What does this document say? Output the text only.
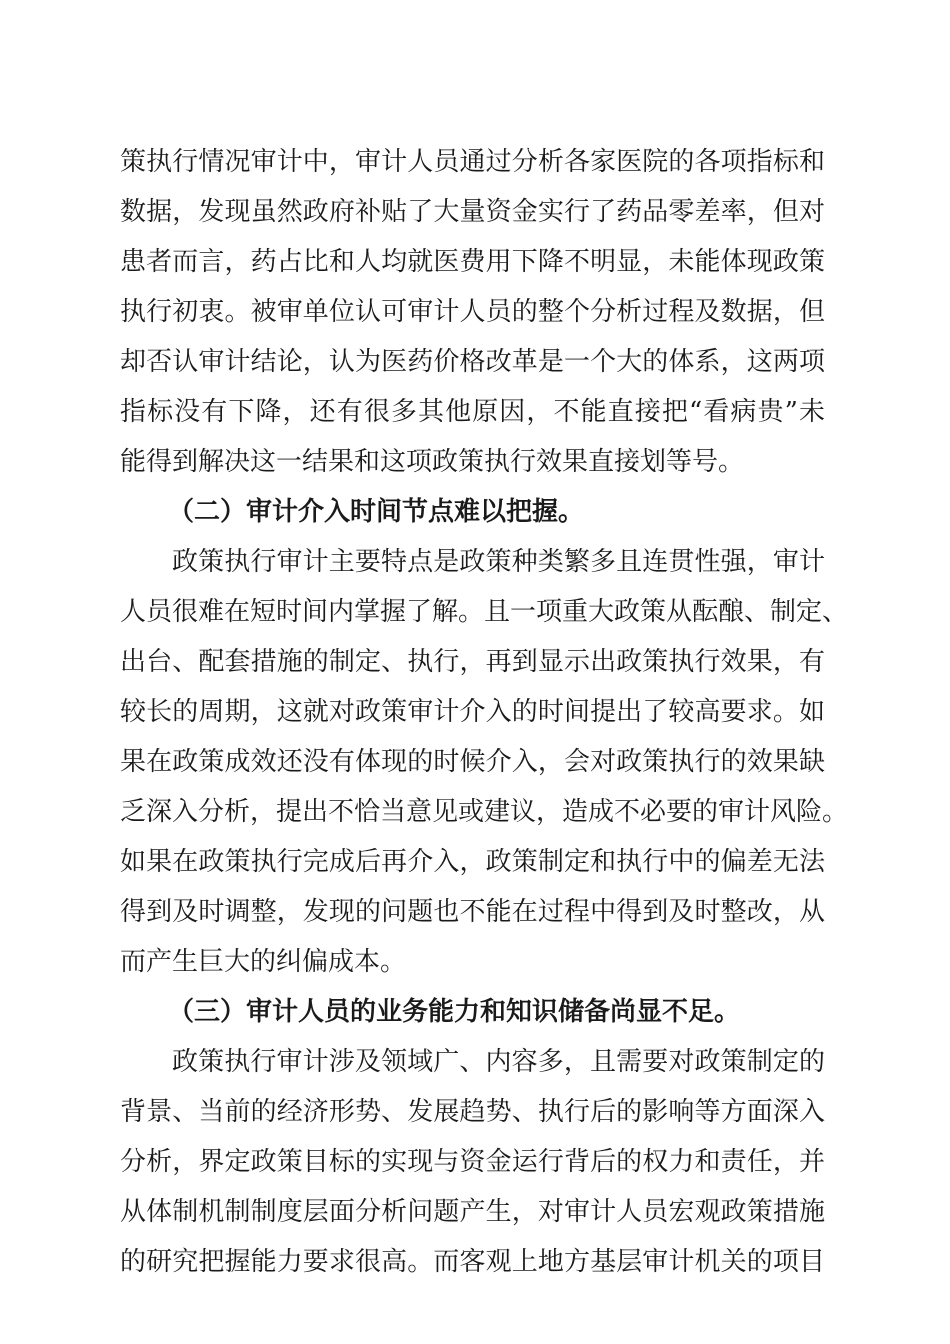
策执行情况审计中，审计人员通过分析各家医院的各项指标和
数据，发现虽然政府补贴了大量资金实行了药品零差率，但对
患者而言，药占比和人均就医费用下降不明显，未能体现政策
执行初衷。被审单位认可审计人员的整个分析过程及数据，但
却否认审计结论，认为医药价格改革是一个大的体系，这两项
指标没有下降，还有很多其他原因，不能直接把“看病贵”未
能得到解决这一结果和这项政策执行效果直接划等号。
（二）审计介入时间节点难以把握。
政策执行审计主要特点是政策种类繁多且连贯性强，审计
人员很难在短时间内掌握了解。且一项重大政策从酝酿、制定、
出台、配套措施的制定、执行，再到显示出政策执行效果，有
较长的周期，这就对政策审计介入的时间提出了较高要求。如
果在政策成效还没有体现的时候介入，会对政策执行的效果缺
乏深入分析，提出不恰当意见或建议，造成不必要的审计风险。
如果在政策执行完成后再介入，政策制定和执行中的偏差无法
得到及时调整，发现的问题也不能在过程中得到及时整改，从
而产生巨大的纠偏成本。
（三）审计人员的业务能力和知识储备尚显不足。
政策执行审计涉及领域广、内容多，且需要对政策制定的
背景、当前的经济形势、发展趋势、执行后的影响等方面深入
分析，界定政策目标的实现与资金运行背后的权力和责任，并
从体制机制制度层面分析问题产生，对审计人员宏观政策措施
的研究把握能力要求很高。而客观上地方基层审计机关的项目
